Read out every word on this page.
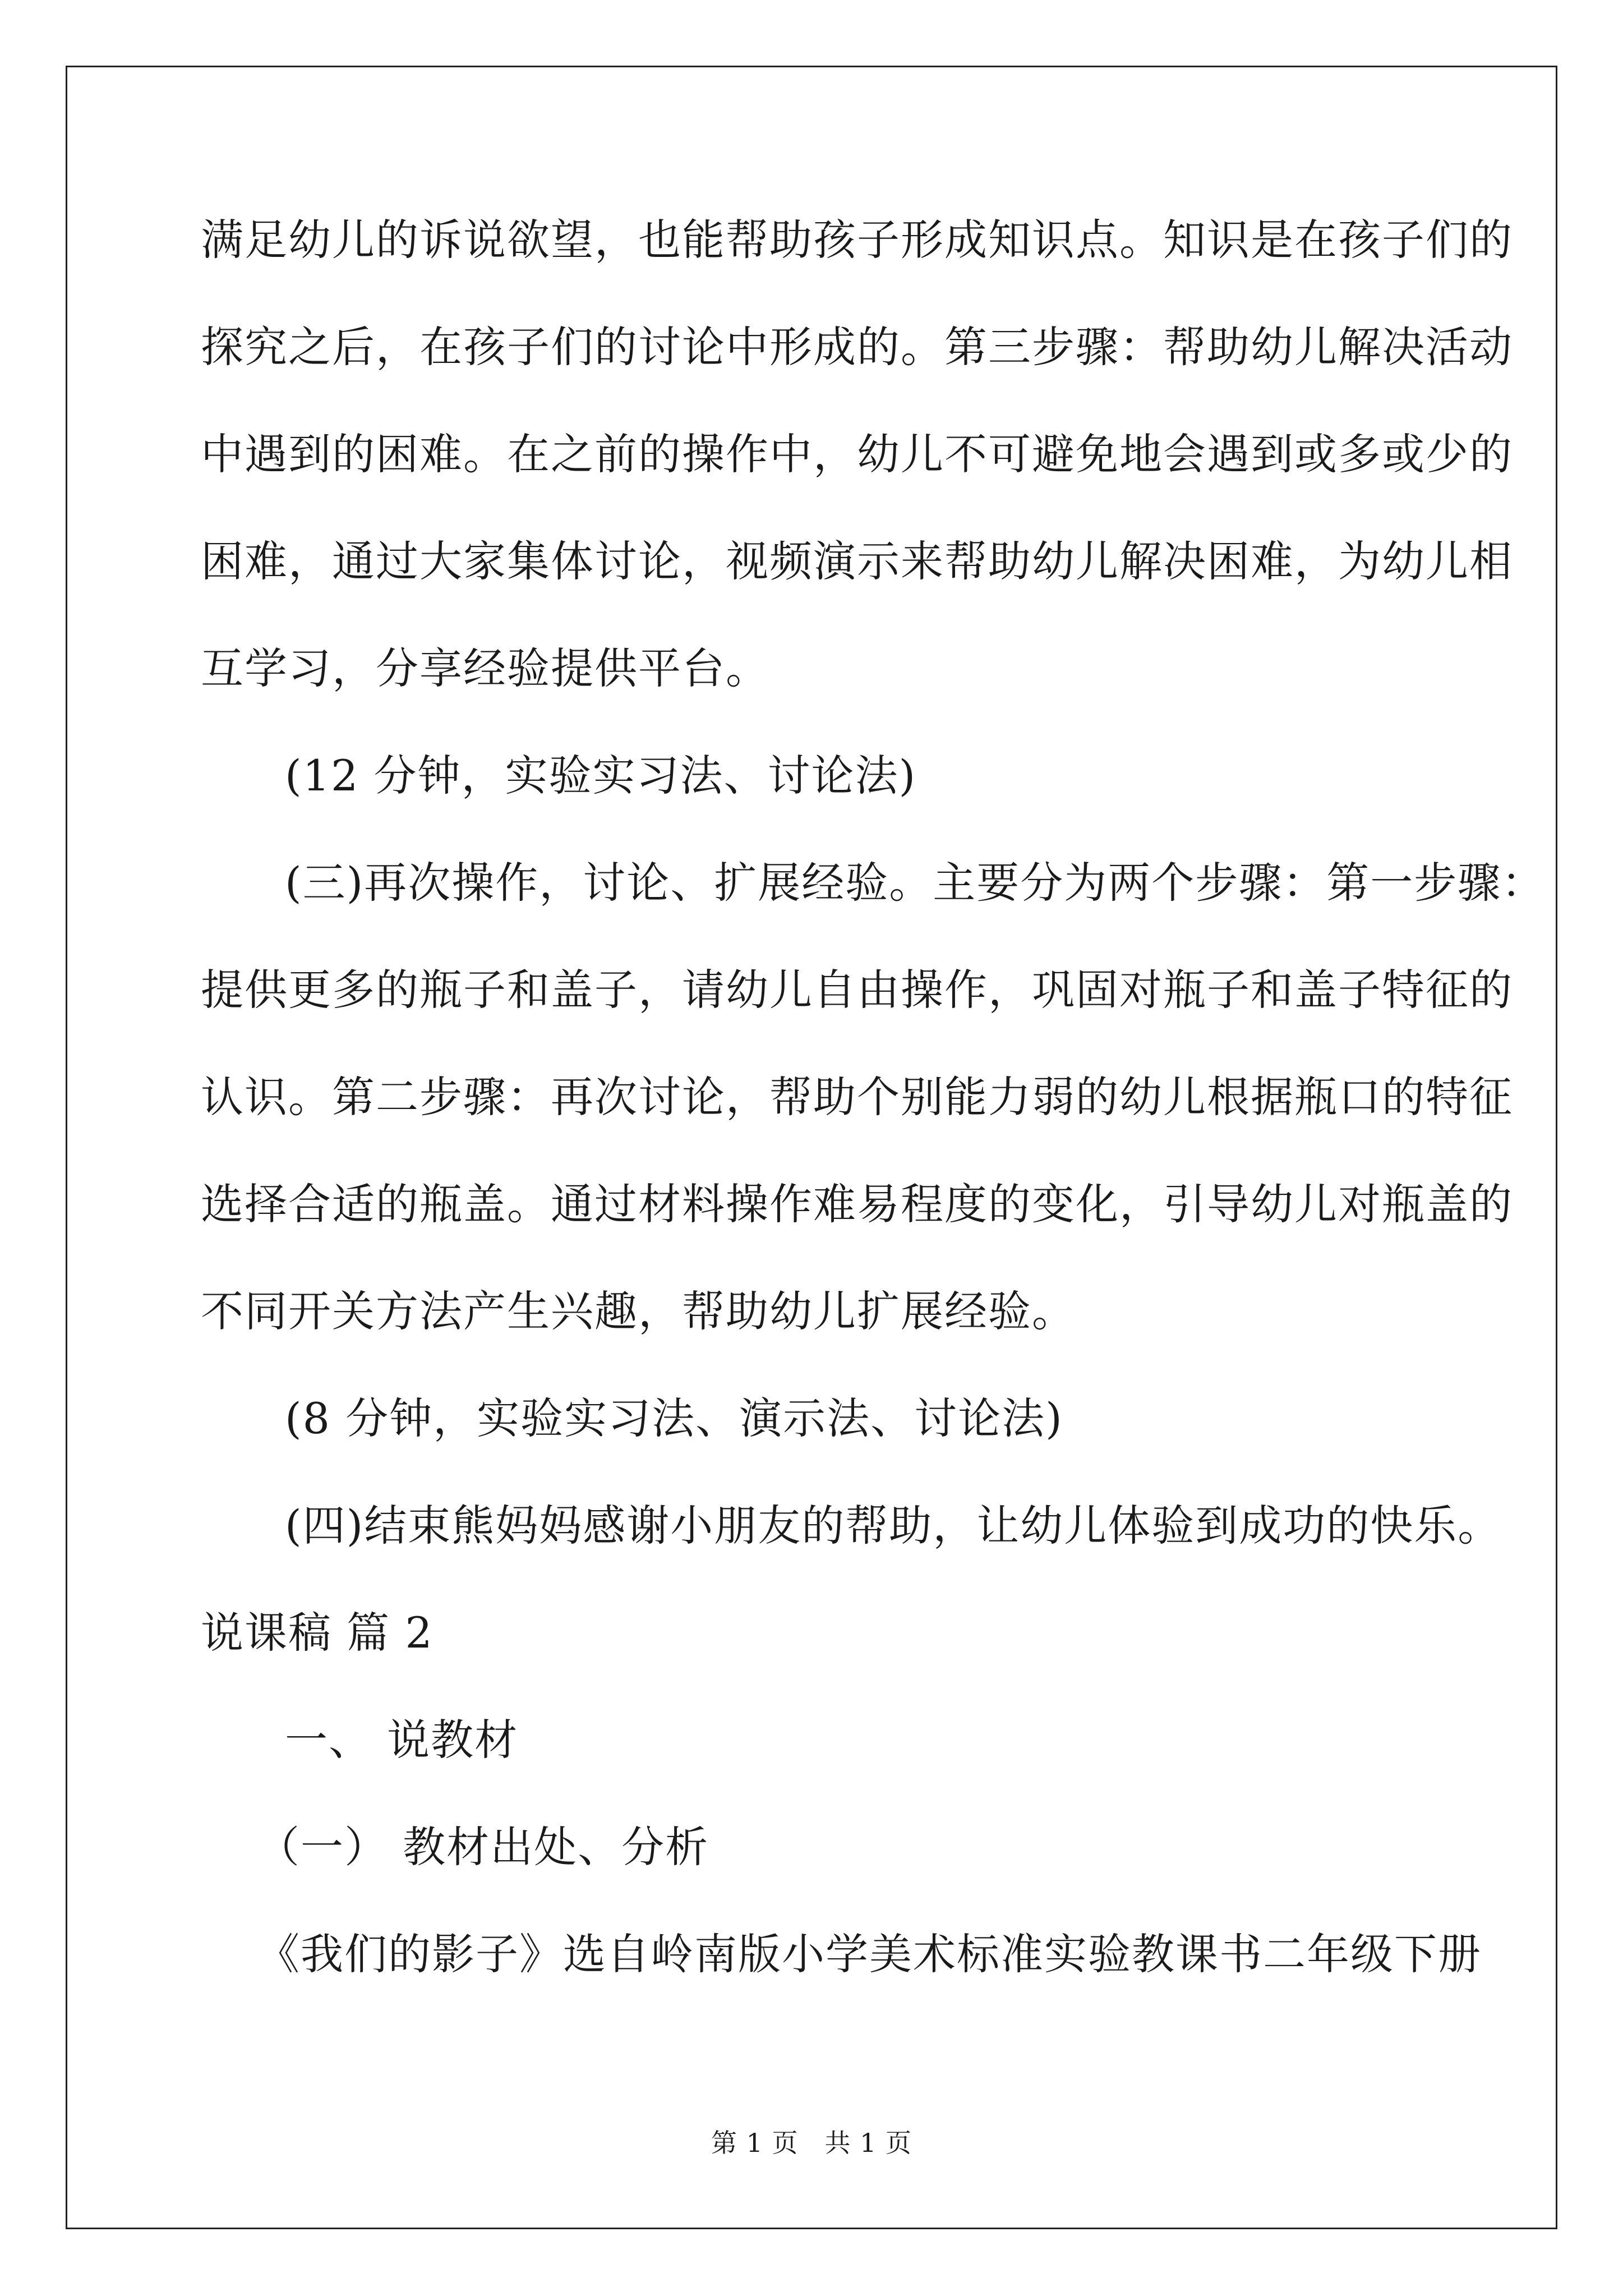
满足幼儿的诉说欲望，也能帮助孩子形成知识点。知识是在孩子们的
探究之后，在孩子们的讨论中形成的。第三步骤：帮助幼儿解决活动
中遇到的困难。在之前的操作中，幼儿不可避免地会遇到或多或少的
困难，通过大家集体讨论，视频演示来帮助幼儿解决困难，为幼儿相
互学习，分享经验提供平台。
(12 分钟，实验实习法、讨论法)
(三)再次操作，讨论、扩展经验。主要分为两个步骤：第一步骤：
提供更多的瓶子和盖子，请幼儿自由操作，巩固对瓶子和盖子特征的
认识。第二步骤：再次讨论，帮助个别能力弱的幼儿根据瓶口的特征
选择合适的瓶盖。通过材料操作难易程度的变化，引导幼儿对瓶盖的
不同开关方法产生兴趣，帮助幼儿扩展经验。
(8 分钟，实验实习法、演示法、讨论法)
(四)结束熊妈妈感谢小朋友的帮助，让幼儿体验到成功的快乐。
说课稿 篇 2
一、 说教材
（一） 教材出处、分析
《我们的影子》选自岭南版小学美术标准实验教课书二年级下册
第 1 页　共 1 页
